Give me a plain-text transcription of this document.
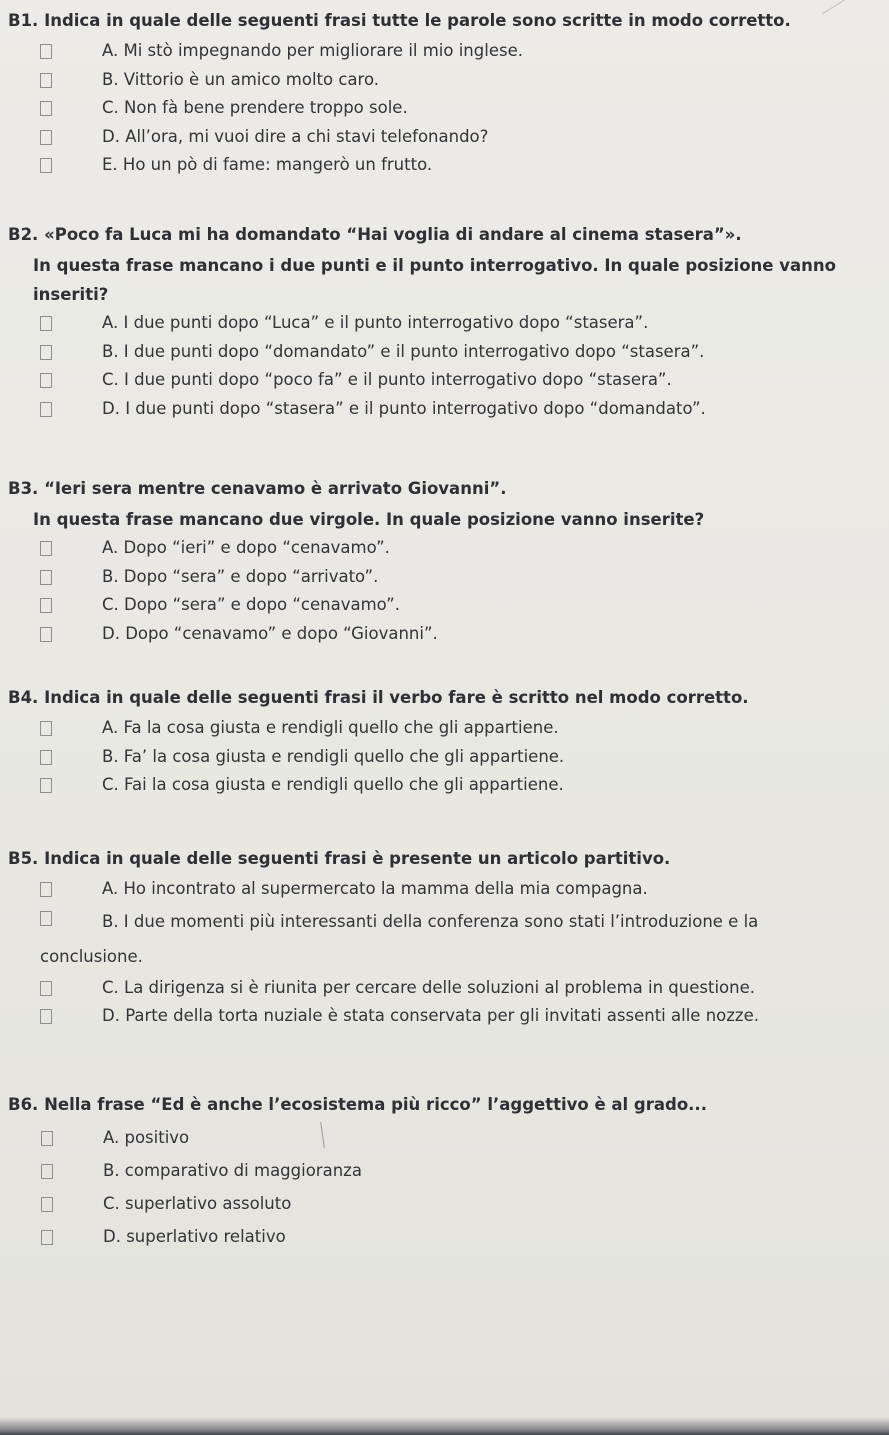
B1. Indica in quale delle seguenti frasi tutte le parole sono scritte in modo corretto.

A. Mi stò impegnando per migliorare il mio inglese.
B. Vittorio è un amico molto caro.
C. Non fà bene prendere troppo sole.
D. All’ora, mi vuoi dire a chi stavi telefonando?
E. Ho un pò di fame: mangerò un frutto.

B2. «Poco fa Luca mi ha domandato “Hai voglia di andare al cinema stasera”».

In questa frase mancano i due punti e il punto interrogativo. In quale posizione vanno

inseriti?

A. I due punti dopo “Luca” e il punto interrogativo dopo “stasera”.
B. I due punti dopo “domandato” e il punto interrogativo dopo “stasera”.
C. I due punti dopo “poco fa” e il punto interrogativo dopo “stasera”.
D. I due punti dopo “stasera” e il punto interrogativo dopo “domandato”.

B3. “Ieri sera mentre cenavamo è arrivato Giovanni”.

In questa frase mancano due virgole. In quale posizione vanno inserite?

A. Dopo “ieri” e dopo “cenavamo”.
B. Dopo “sera” e dopo “arrivato”.
C. Dopo “sera” e dopo “cenavamo”.
D. Dopo “cenavamo” e dopo “Giovanni”.

B4. Indica in quale delle seguenti frasi il verbo fare è scritto nel modo corretto.

A. Fa la cosa giusta e rendigli quello che gli appartiene.
B. Fa’ la cosa giusta e rendigli quello che gli appartiene.
C. Fai la cosa giusta e rendigli quello che gli appartiene.

B5. Indica in quale delle seguenti frasi è presente un articolo partitivo.

A. Ho incontrato al supermercato la mamma della mia compagna.
B. I due momenti più interessanti della conferenza sono stati l’introduzione e la conclusione.
C. La dirigenza si è riunita per cercare delle soluzioni al problema in questione.
D. Parte della torta nuziale è stata conservata per gli invitati assenti alle nozze.

B6. Nella frase “Ed è anche l’ecosistema più ricco” l’aggettivo è al grado...

A. positivo
B. comparativo di maggioranza
C. superlativo assoluto
D. superlativo relativo
